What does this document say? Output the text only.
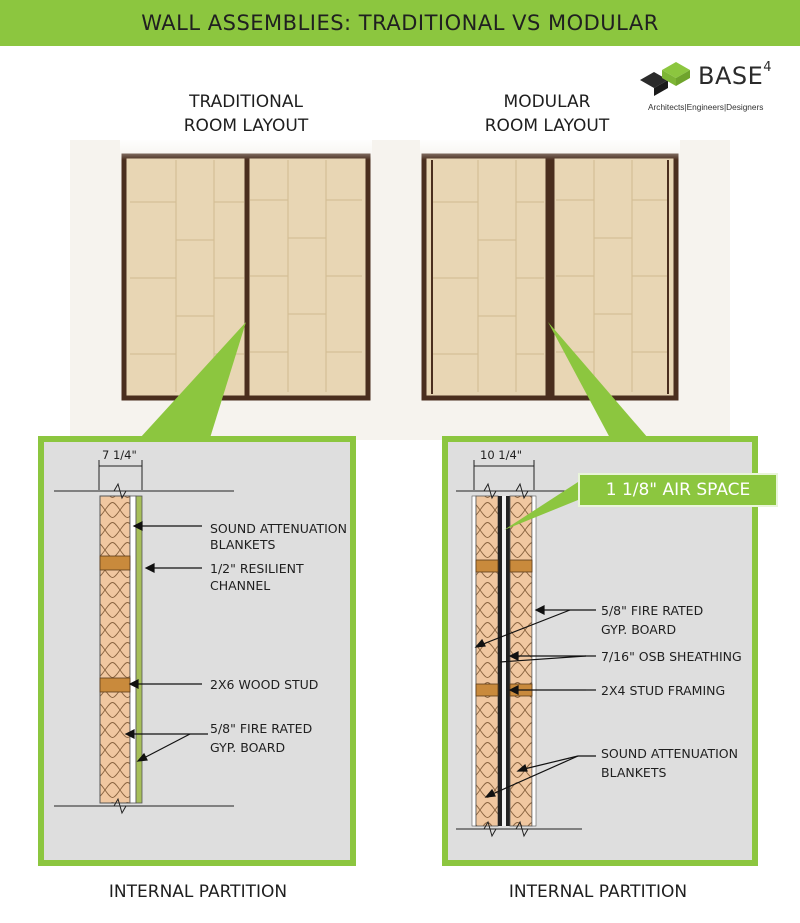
WALL ASSEMBLIES: TRADITIONAL VS MODULAR
BASE$^4$
Architects|Engineers|Designers
TRADITIONAL
ROOM LAYOUT
MODULAR
ROOM LAYOUT
7 1/4"
SOUND ATTENUATION
BLANKETS
1/2" RESILIENT
CHANNEL
2X6 WOOD STUD
5/8" FIRE RATED
GYP. BOARD
10 1/4"
1 1/8" AIR SPACE
5/8" FIRE RATED
GYP. BOARD
7/16" OSB SHEATHING
2X4 STUD FRAMING
SOUND ATTENUATION
BLANKETS
INTERNAL PARTITION	INTERNAL PARTITION
